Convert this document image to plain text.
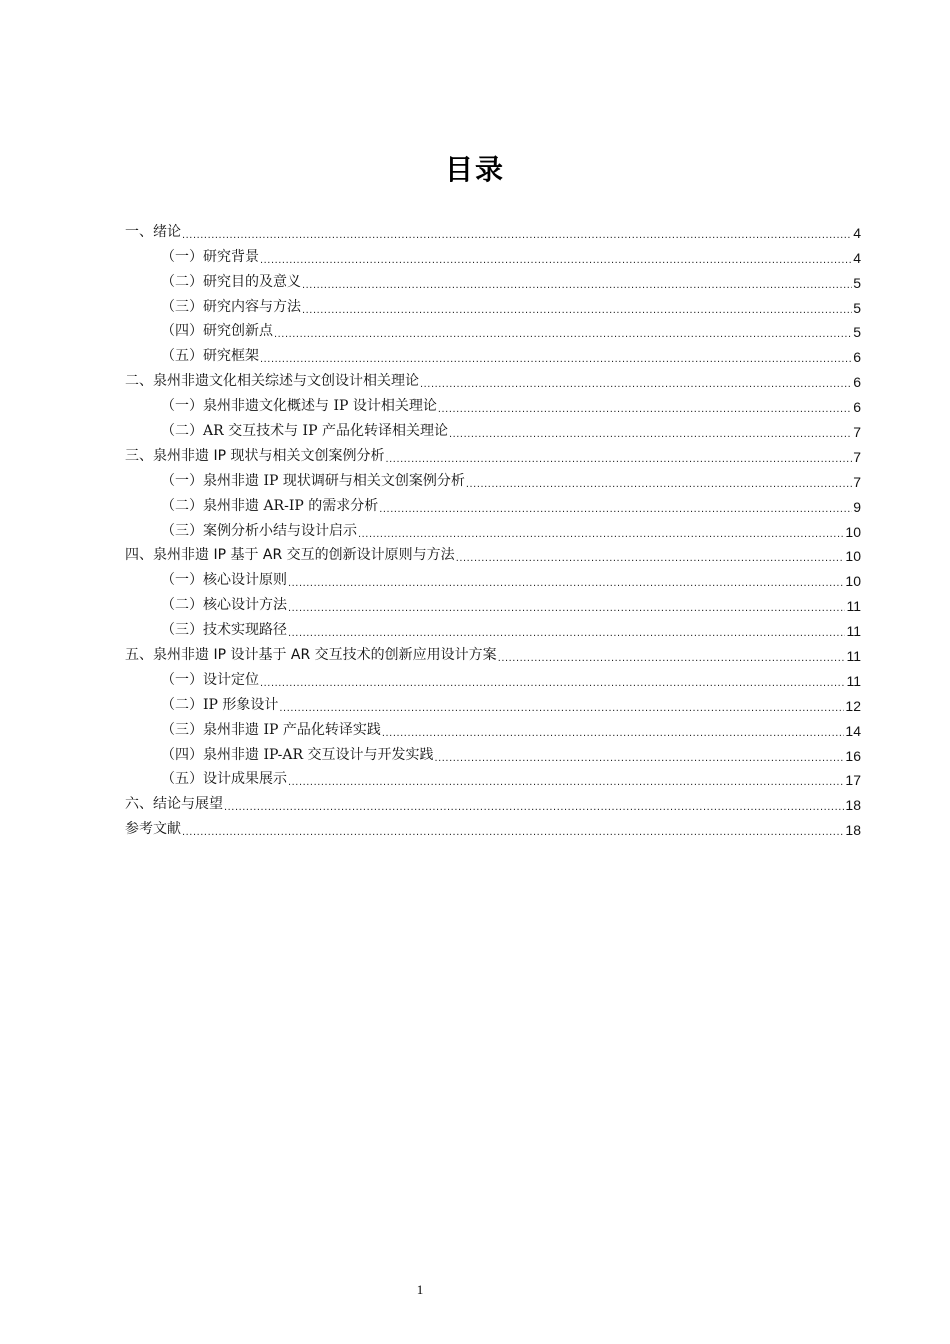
目录
一、绪论 .....	4
（一）研究背景 .....	4
（二）研究目的及意义 .....	5
（三）研究内容与方法 .....	5
（四）研究创新点 .....	5
（五）研究框架 .....	6
二、泉州非遗文化相关综述与文创设计相关理论 .....	6
（一）泉州非遗文化概述与 IP 设计相关理论 .....	6
（二）AR 交互技术与 IP 产品化转译相关理论 .....	7
三、泉州非遗 IP 现状与相关文创案例分析 .....	7
（一）泉州非遗 IP 现状调研与相关文创案例分析 .....	7
（二）泉州非遗 AR-IP 的需求分析 .....	9
（三）案例分析小结与设计启示 .....	10
四、泉州非遗 IP 基于 AR 交互的创新设计原则与方法 .....	10
（一）核心设计原则 .....	10
（二）核心设计方法 .....	11
（三）技术实现路径 .....	11
五、泉州非遗 IP 设计基于 AR 交互技术的创新应用设计方案 .....	11
（一）设计定位 .....	11
（二）IP 形象设计 .....	12
（三）泉州非遗 IP 产品化转译实践 .....	14
（四）泉州非遗 IP-AR 交互设计与开发实践 .....	16
（五）设计成果展示 .....	17
六、结论与展望 .....	18
参考文献 .....	18
1
